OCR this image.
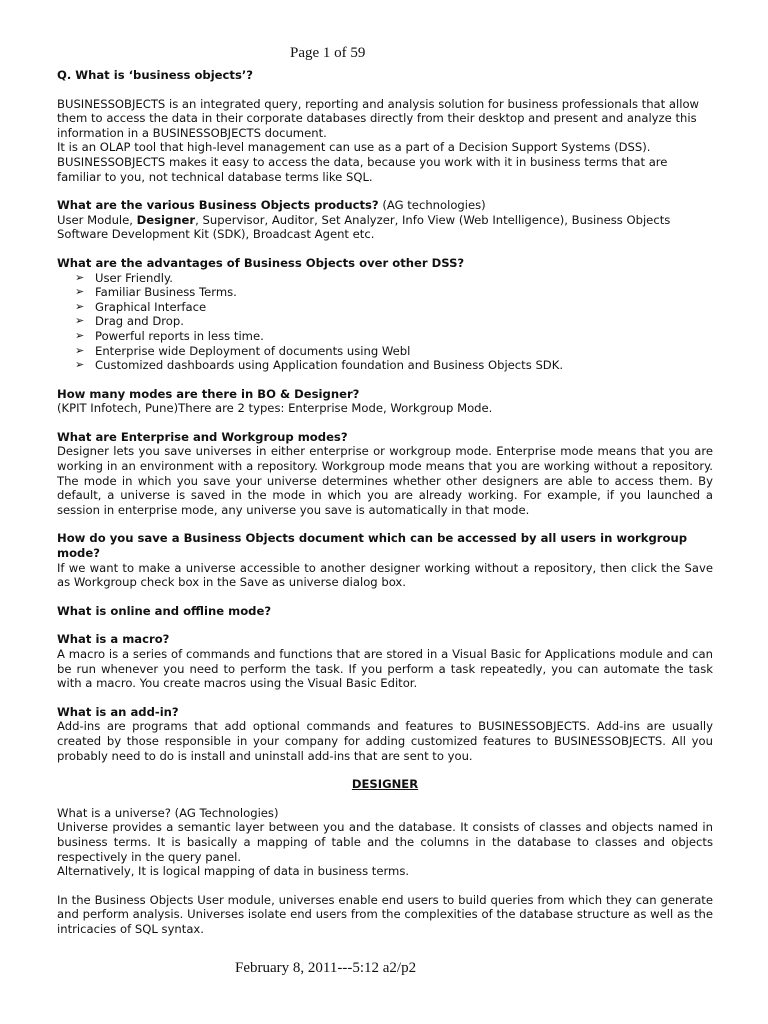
Page 1 of 59

Q. What is ‘business objects’?

BUSINESSOBJECTS is an integrated query, reporting and analysis solution for business professionals that allow them to access the data in their corporate databases directly from their desktop and present and analyze this information in a BUSINESSOBJECTS document.

It is an OLAP tool that high-level management can use as a part of a Decision Support Systems (DSS).

BUSINESSOBJECTS makes it easy to access the data, because you work with it in business terms that are familiar to you, not technical database terms like SQL.

What are the various Business Objects products? (AG technologies)

User Module, Designer, Supervisor, Auditor, Set Analyzer, Info View (Web Intelligence), Business Objects Software Development Kit (SDK), Broadcast Agent etc.

What are the advantages of Business Objects over other DSS?

➢ User Friendly.
➢ Familiar Business Terms.
➢ Graphical Interface
➢ Drag and Drop.
➢ Powerful reports in less time.
➢ Enterprise wide Deployment of documents using Webl
➢ Customized dashboards using Application foundation and Business Objects SDK.

How many modes are there in BO & Designer?

(KPIT Infotech, Pune)There are 2 types: Enterprise Mode, Workgroup Mode.

What are Enterprise and Workgroup modes?

Designer lets you save universes in either enterprise or workgroup mode. Enterprise mode means that you are working in an environment with a repository. Workgroup mode means that you are working without a repository. The mode in which you save your universe determines whether other designers are able to access them. By default, a universe is saved in the mode in which you are already working. For example, if you launched a session in enterprise mode, any universe you save is automatically in that mode.

How do you save a Business Objects document which can be accessed by all users in workgroup mode?

If we want to make a universe accessible to another designer working without a repository, then click the Save as Workgroup check box in the Save as universe dialog box.

What is online and offline mode?

What is a macro?

A macro is a series of commands and functions that are stored in a Visual Basic for Applications module and can be run whenever you need to perform the task. If you perform a task repeatedly, you can automate the task with a macro. You create macros using the Visual Basic Editor.

What is an add-in?

Add-ins are programs that add optional commands and features to BUSINESSOBJECTS. Add-ins are usually created by those responsible in your company for adding customized features to BUSINESSOBJECTS. All you probably need to do is install and uninstall add-ins that are sent to you.

DESIGNER

What is a universe? (AG Technologies)

Universe provides a semantic layer between you and the database. It consists of classes and objects named in business terms. It is basically a mapping of table and the columns in the database to classes and objects respectively in the query panel.

Alternatively, It is logical mapping of data in business terms.

In the Business Objects User module, universes enable end users to build queries from which they can generate and perform analysis. Universes isolate end users from the complexities of the database structure as well as the intricacies of SQL syntax.

February 8, 2011---5:12 a2/p2
